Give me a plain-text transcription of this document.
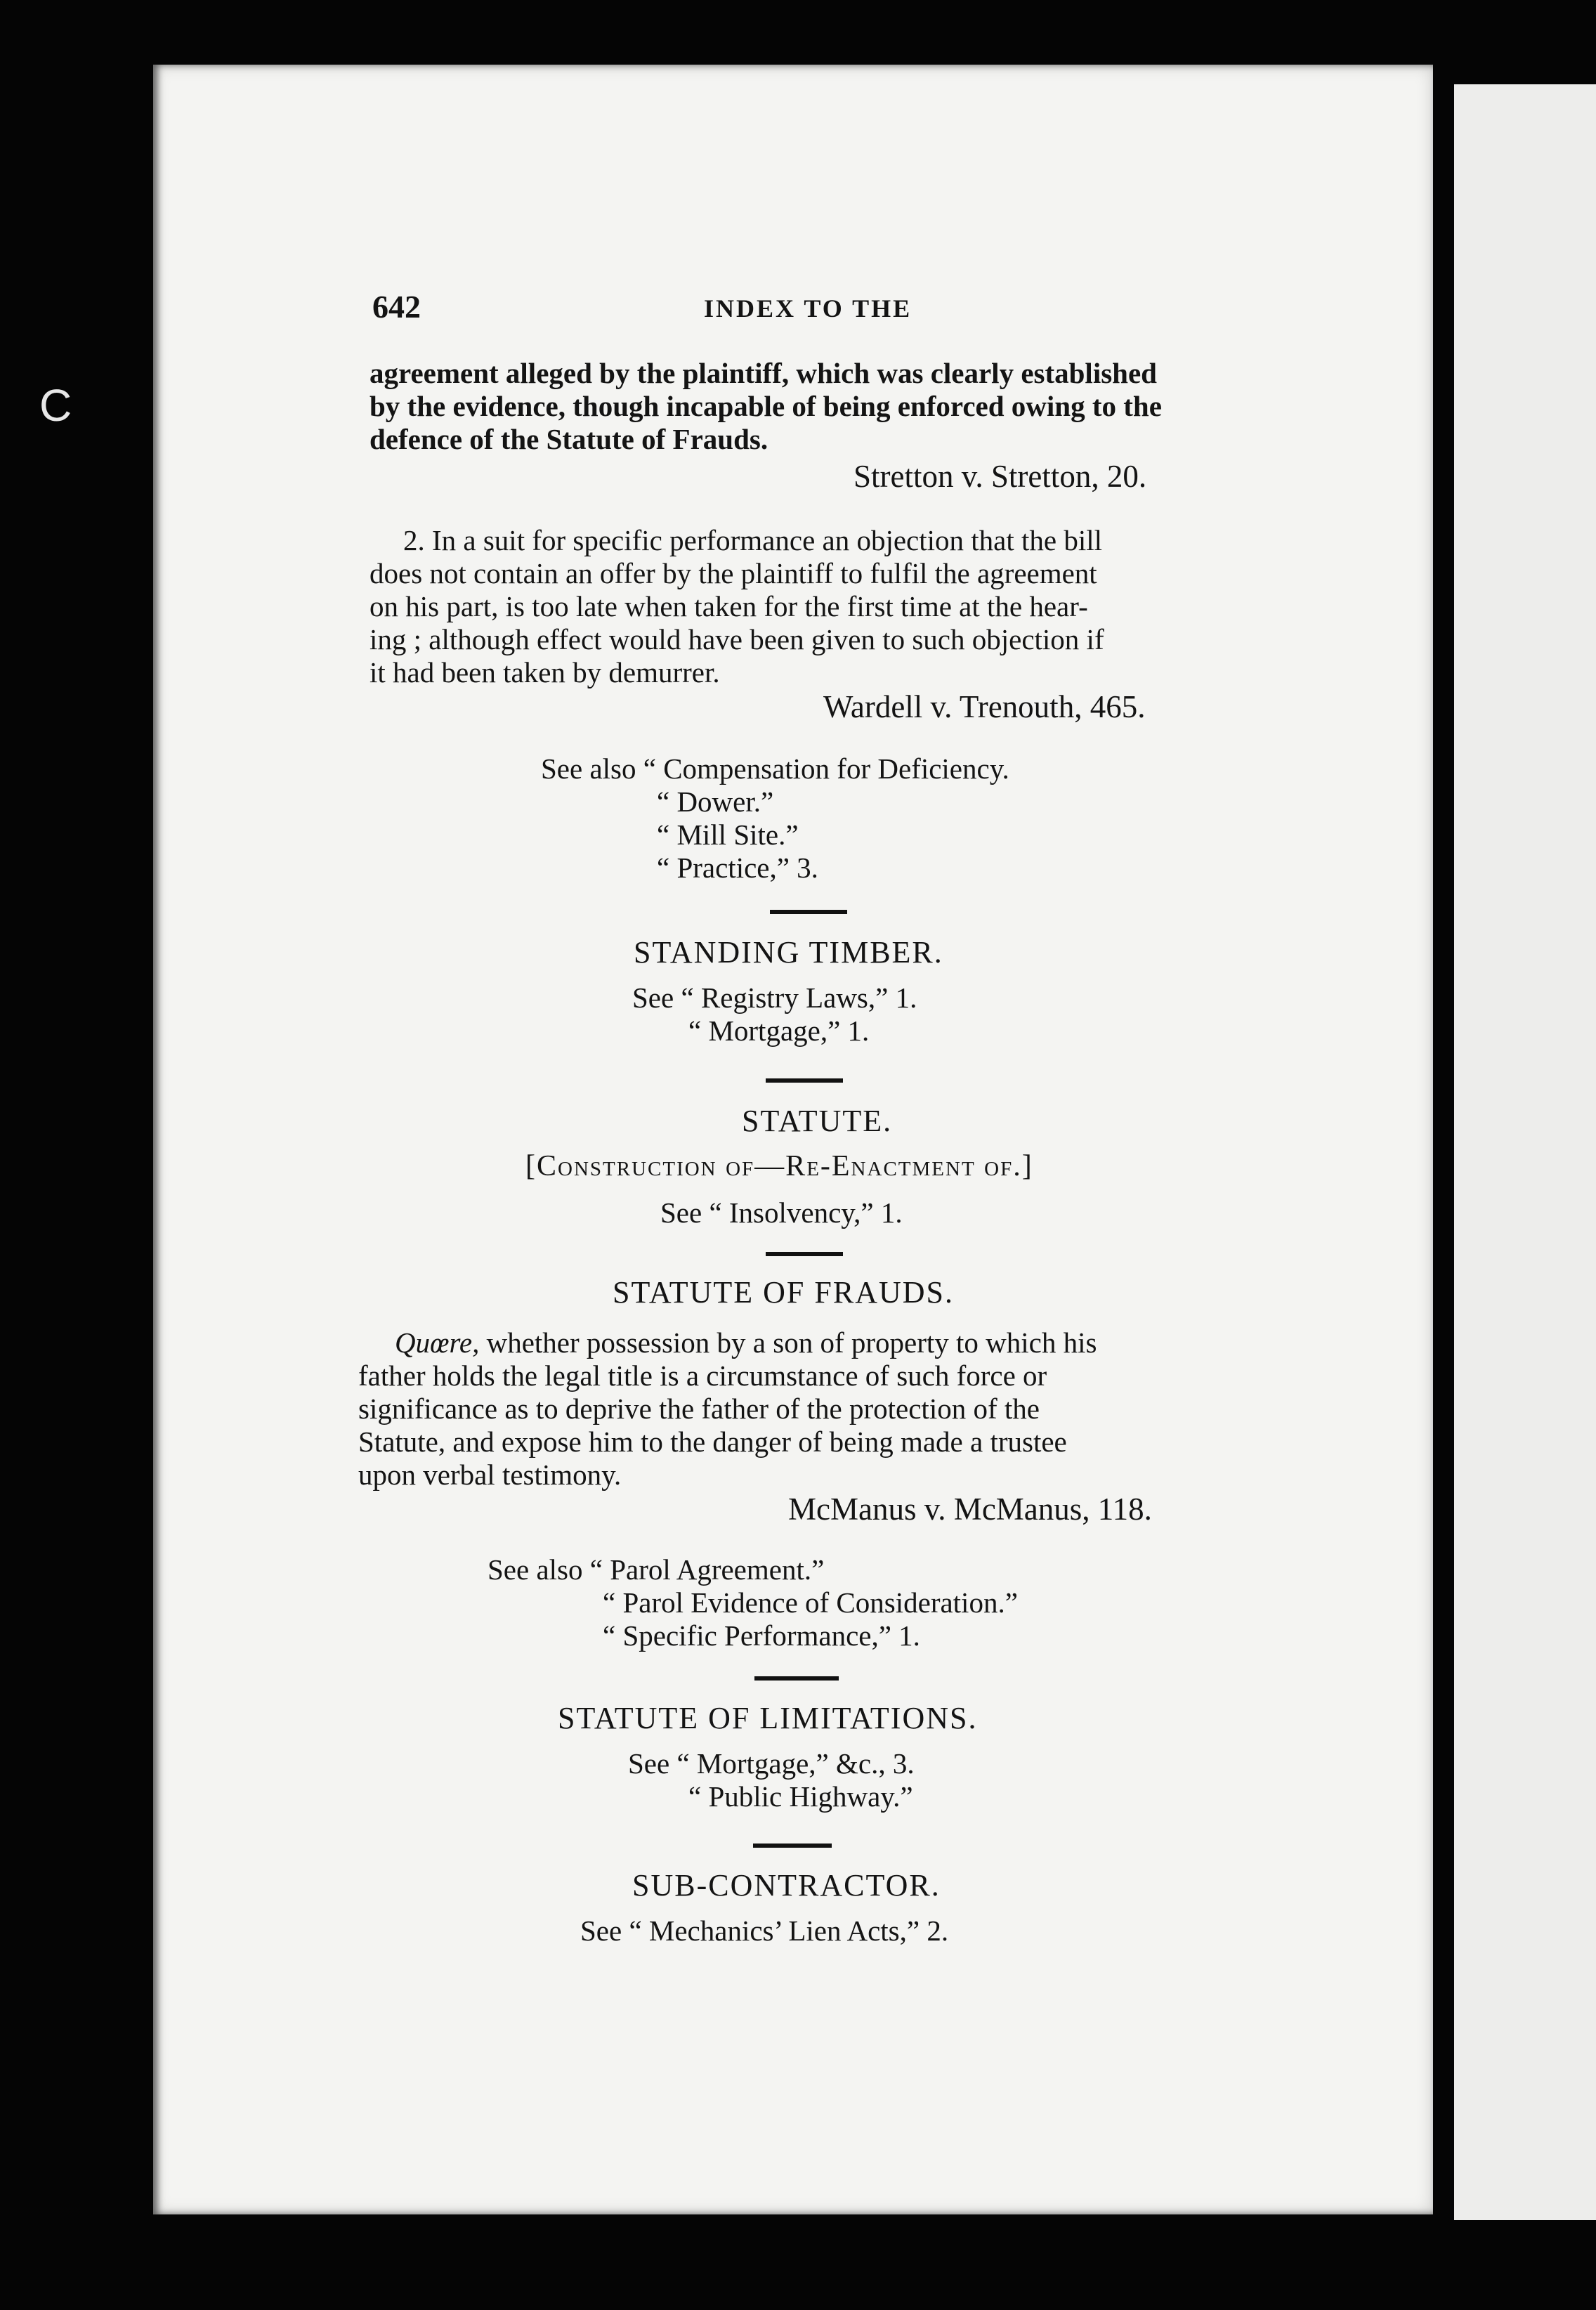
C
642	INDEX TO THE
agreement alleged by the plaintiff, which was clearly established
by the evidence, though incapable of being enforced owing to the
defence of the Statute of Frauds.
Stretton v. Stretton, 20.
2. In a suit for specific performance an objection that the bill
does not contain an offer by the plaintiff to fulfil the agreement
on his part, is too late when taken for the first time at the hear-
ing ; although effect would have been given to such objection if
it had been taken by demurrer.
Wardell v. Trenouth, 465.
See also “ Compensation for Deficiency.
“ Dower.”
“ Mill Site.”
“ Practice,” 3.
STANDING TIMBER.
See “ Registry Laws,” 1.
“ Mortgage,” 1.
STATUTE.
[Construction of—Re-Enactment of.]
See “ Insolvency,” 1.
STATUTE OF FRAUDS.
Quœre, whether possession by a son of property to which his
father holds the legal title is a circumstance of such force or
significance as to deprive the father of the protection of the
Statute, and expose him to the danger of being made a trustee
upon verbal testimony.
McManus v. McManus, 118.
See also “ Parol Agreement.”
“ Parol Evidence of Consideration.”
“ Specific Performance,” 1.
STATUTE OF LIMITATIONS.
See “ Mortgage,” &c., 3.
“ Public Highway.”
SUB-CONTRACTOR.
See “ Mechanics’ Lien Acts,” 2.
